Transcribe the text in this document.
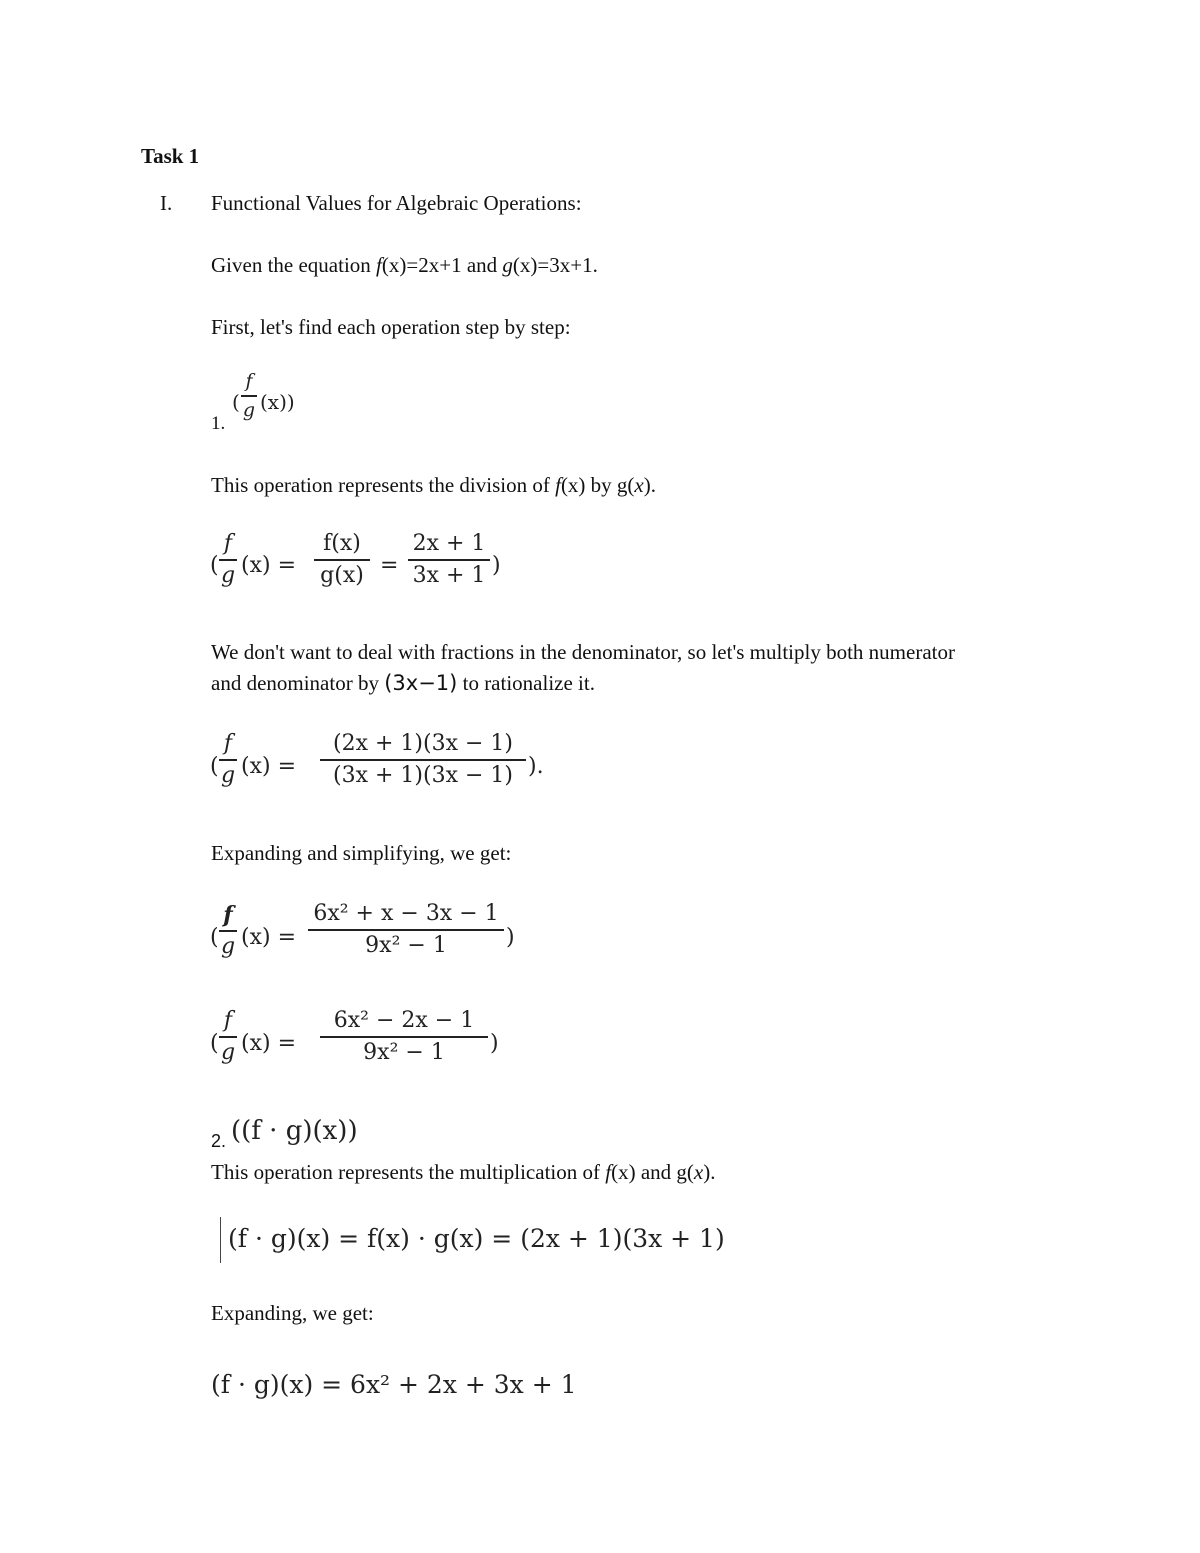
Task 1
I. Functional Values for Algebraic Operations:
Given the equation f(x)=2x+1 and g(x)=3x+1.
First, let's find each operation step by step:
1.
(
f
g (x))
This operation represents the division of f(x) by g(x).
(
f
g (x) =
f(x)
g(x) =
2x + 1
3x + 1 )
We don't want to deal with fractions in the denominator, so let's multiply both numerator
and denominator by (3x−1) to rationalize it.
(
f
g (x) =
(2x + 1)(3x − 1)
(3x + 1)(3x − 1) ).
Expanding and simplifying, we get:
(
f
g (x) =
6x² + x − 3x − 1
9x² − 1	)
(
f
g (x) =
6x² − 2x − 1
9x² − 1 )
2. ((f · g)(x))
This operation represents the multiplication of f(x) and g(x).
(f · g)(x) = f(x) · g(x) = (2x + 1)(3x + 1)
Expanding, we get:
(f · g)(x) = 6x² + 2x + 3x + 1
